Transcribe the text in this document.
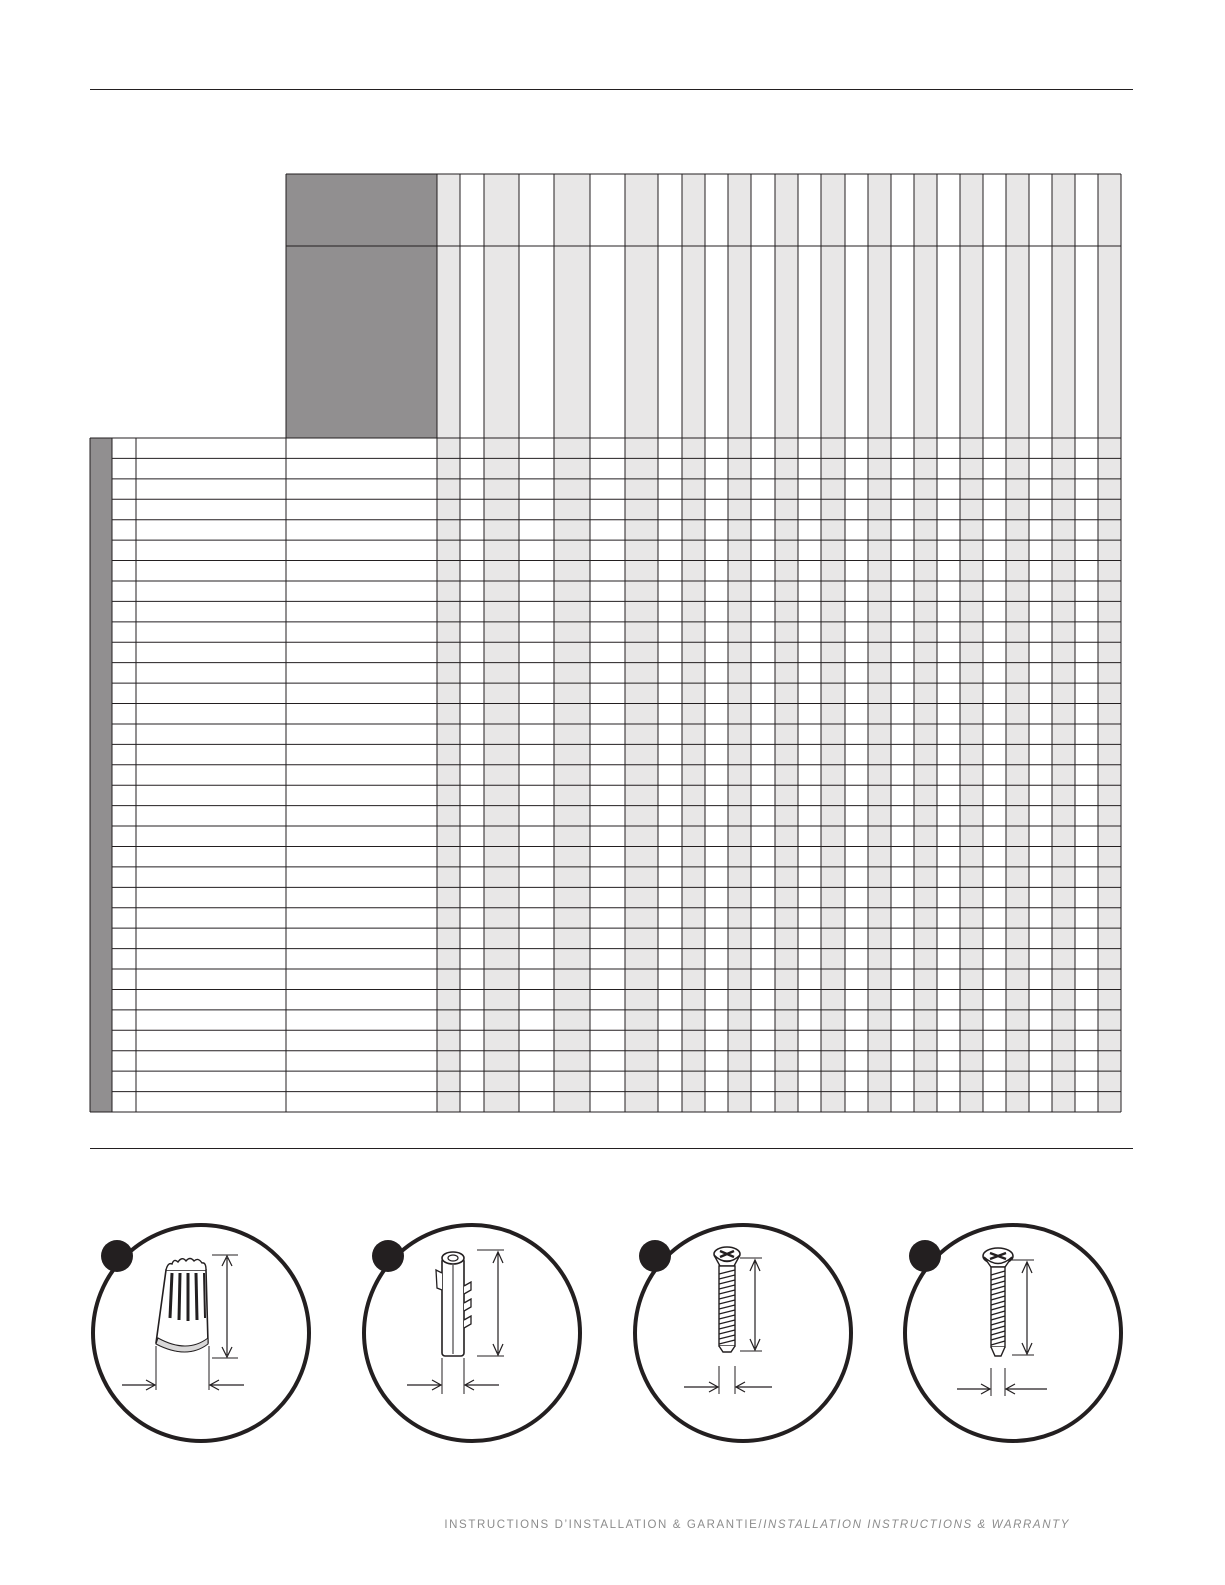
INSTRUCTIONS D’INSTALLATION & GARANTIE/INSTALLATION INSTRUCTIONS & WARRANTY
